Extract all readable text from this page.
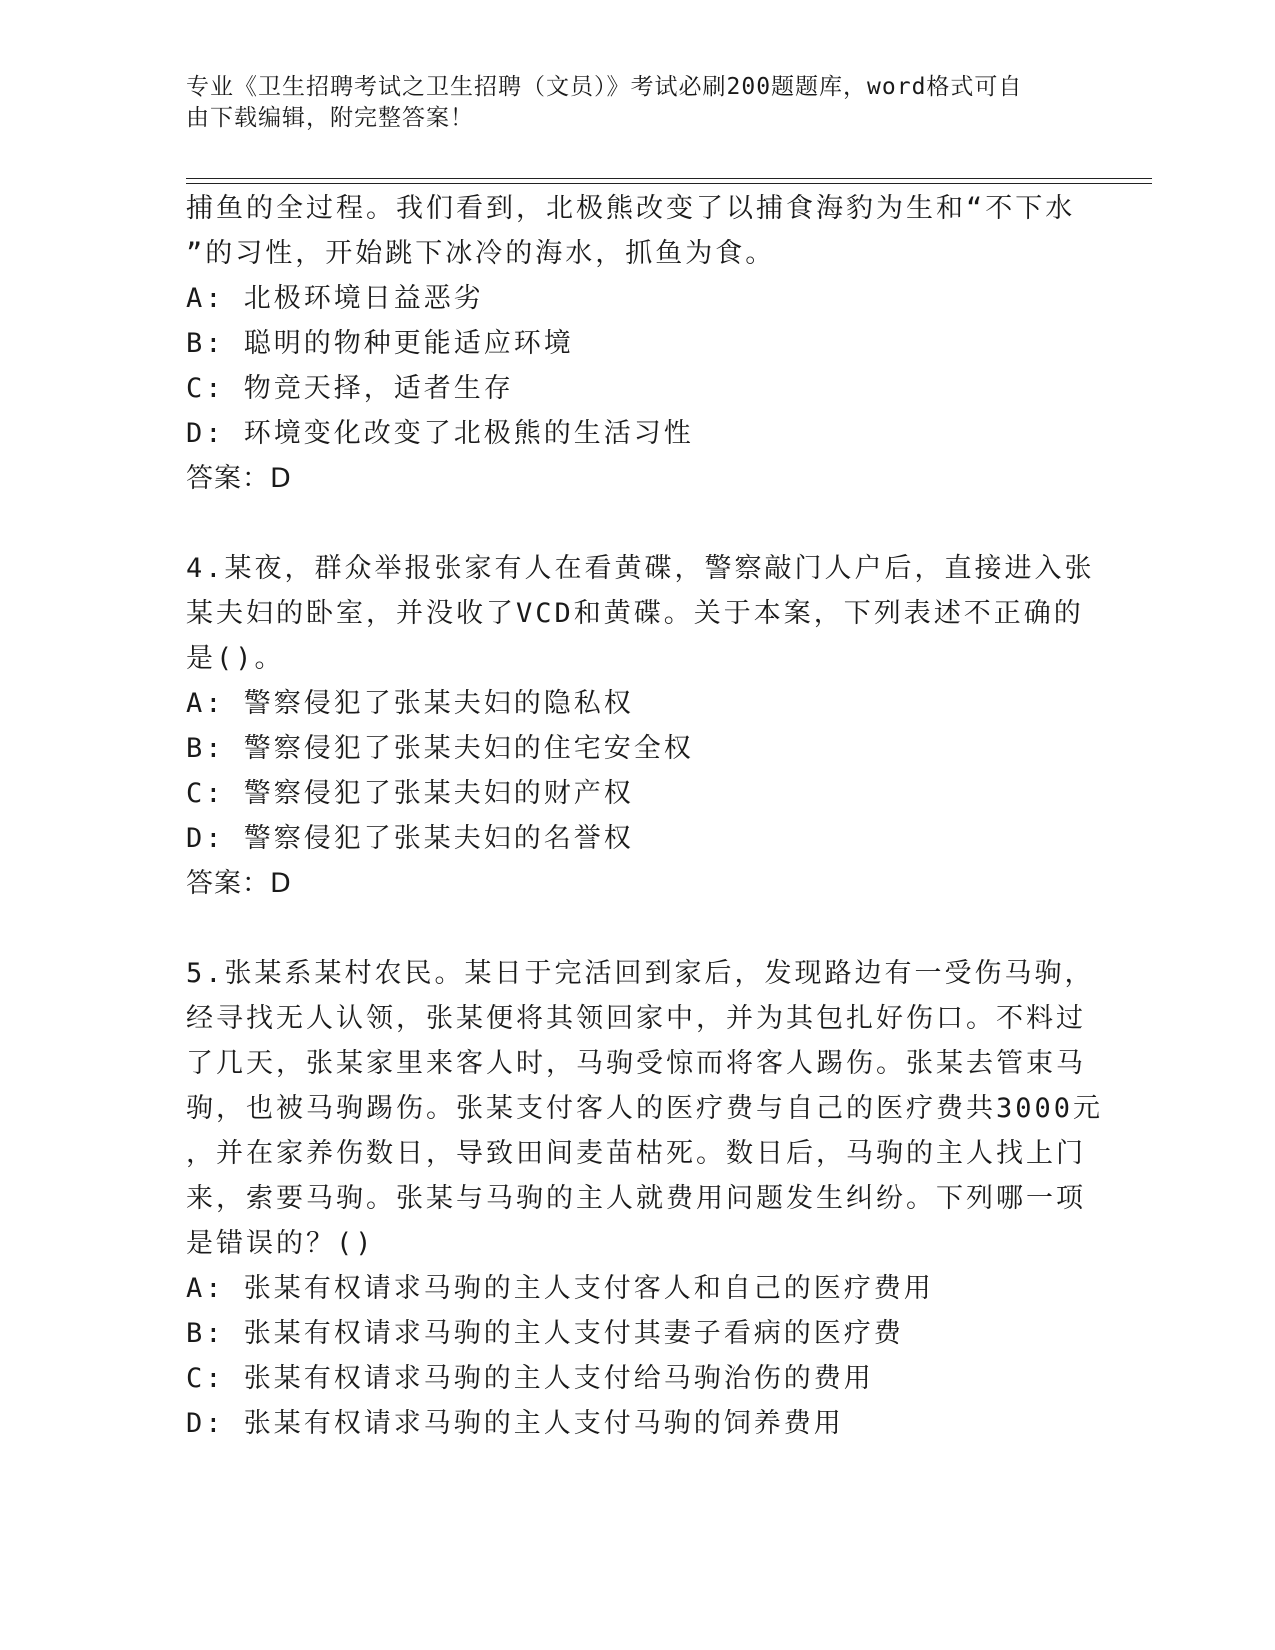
专业《卫生招聘考试之卫生招聘（文员）》考试必刷200题题库，word格式可自
由下载编辑，附完整答案！
捕鱼的全过程。我们看到，北极熊改变了以捕食海豹为生和“不下水
”的习性，开始跳下冰冷的海水，抓鱼为食。
A: 北极环境日益恶劣
B: 聪明的物种更能适应环境
C: 物竞天择，适者生存
D: 环境变化改变了北极熊的生活习性
答案：D
4.某夜，群众举报张家有人在看黄碟，警察敲门人户后，直接进入张
某夫妇的卧室，并没收了VCD和黄碟。关于本案，下列表述不正确的
是()。
A: 警察侵犯了张某夫妇的隐私权
B: 警察侵犯了张某夫妇的住宅安全权
C: 警察侵犯了张某夫妇的财产权
D: 警察侵犯了张某夫妇的名誉权
答案：D
5.张某系某村农民。某日于完活回到家后，发现路边有一受伤马驹，
经寻找无人认领，张某便将其领回家中，并为其包扎好伤口。不料过
了几天，张某家里来客人时，马驹受惊而将客人踢伤。张某去管束马
驹，也被马驹踢伤。张某支付客人的医疗费与自己的医疗费共3000元
，并在家养伤数日，导致田间麦苗枯死。数日后，马驹的主人找上门
来，索要马驹。张某与马驹的主人就费用问题发生纠纷。下列哪一项
是错误的？()
A: 张某有权请求马驹的主人支付客人和自己的医疗费用
B: 张某有权请求马驹的主人支付其妻子看病的医疗费
C: 张某有权请求马驹的主人支付给马驹治伤的费用
D: 张某有权请求马驹的主人支付马驹的饲养费用
